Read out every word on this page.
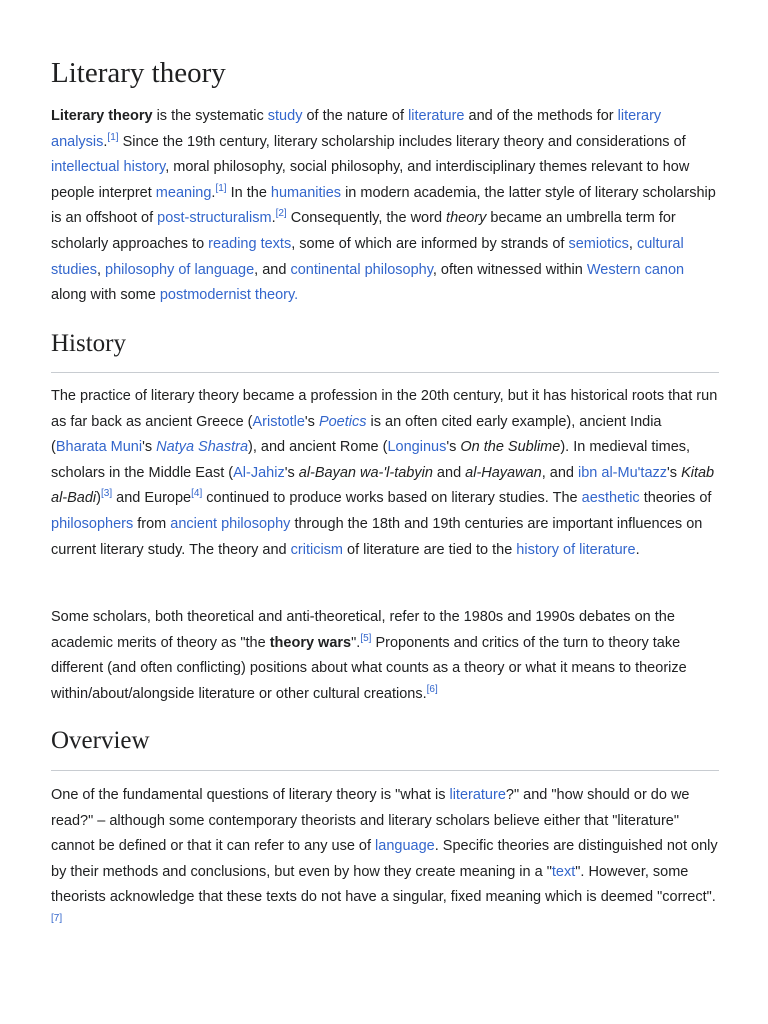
Literary theory

Literary theory is the systematic study of the nature of literature and of the methods for literary analysis.[1] Since the 19th century, literary scholarship includes literary theory and considerations of intellectual history, moral philosophy, social philosophy, and interdisciplinary themes relevant to how people interpret meaning.[1] In the humanities in modern academia, the latter style of literary scholarship is an offshoot of post-structuralism.[2] Consequently, the word theory became an umbrella term for scholarly approaches to reading texts, some of which are informed by strands of semiotics, cultural studies, philosophy of language, and continental philosophy, often witnessed within Western canon along with some postmodernist theory.

History

The practice of literary theory became a profession in the 20th century, but it has historical roots that run as far back as ancient Greece (Aristotle's Poetics is an often cited early example), ancient India (Bharata Muni's Natya Shastra), and ancient Rome (Longinus's On the Sublime). In medieval times, scholars in the Middle East (Al-Jahiz's al-Bayan wa-'l-tabyin and al-Hayawan, and ibn al-Mu'tazz's Kitab al-Badi)[3] and Europe[4] continued to produce works based on literary studies. The aesthetic theories of philosophers from ancient philosophy through the 18th and 19th centuries are important influences on current literary study. The theory and criticism of literature are tied to the history of literature.

Some scholars, both theoretical and anti-theoretical, refer to the 1980s and 1990s debates on the academic merits of theory as "the theory wars".[5] Proponents and critics of the turn to theory take different (and often conflicting) positions about what counts as a theory or what it means to theorize within/about/alongside literature or other cultural creations.[6]

Overview

One of the fundamental questions of literary theory is "what is literature?" and "how should or do we read?" – although some contemporary theorists and literary scholars believe either that "literature" cannot be defined or that it can refer to any use of language. Specific theories are distinguished not only by their methods and conclusions, but even by how they create meaning in a "text". However, some theorists acknowledge that these texts do not have a singular, fixed meaning which is deemed "correct".[7]
